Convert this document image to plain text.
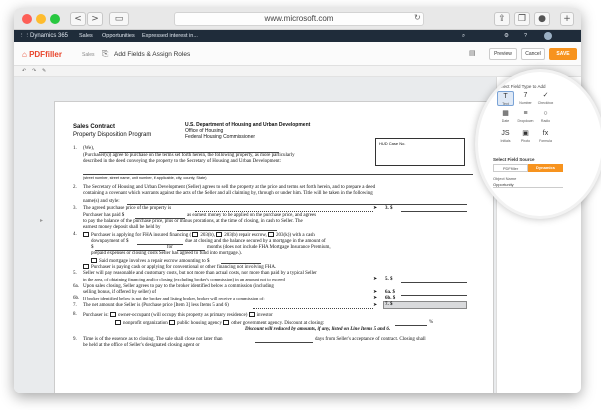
<	>	▭	www.microsoft.com	↻	⇪	❐	●	+
⋮⋮ Dynamics 365 Sales Opportunities Expressed interest in...	⌕	⚙	?
⌂ PDFfiller	Sales ⎘ Add Fields & Assign Roles	▤	Preview	Cancel	SAVE
↶ ↷ ✎
▸
Sales Contract
Property Disposition Program
U.S. Department of Housing and Urban Development
Office of Housing
Federal Housing Commissioner
HUD Case No.
1. (We),
(Purchaser(s)) agree to purchase on the terms set forth herein, the following property, as more particularly
described in the deed conveying the property to the Secretary of Housing and Urban Development:
(street number, street name, unit number, if applicable, city, county, State)
2. The Secretary of Housing and Urban Development (Seller) agrees to sell the property at the price and terms set forth herein, and to prepare a deed
containing a covenant which warrants against the acts of the Seller and all claiming by, through or under him. Title will be taken in the following
name(s) and style:
3. The agreed purchase price of the property is	➤ 3. $
Purchaser has paid $	as earnest money to be applied on the purchase price, and agrees
to pay the balance of the purchase price, plus or minus prorations, at the time of closing, in cash to Seller. The
earnest money deposit shall be held by
4.	Purchaser is applying for FHA insured financing ( 203(b), 203(b) repair escrow, 203(k)) with a cash
downpayment of $	due at closing and the balance secured by a mortgage in the amount of
$	for	months (does not include FHA Mortgage Insurance Premium,
prepaid expenses or closing costs Seller has agreed to fund into mortgage.).
Said mortgage involves a repair escrow amounting to $
Purchaser is paying cash or applying for conventional or other financing not involving FHA.
5. Seller will pay reasonable and customary costs, but not more than actual costs, nor more than paid by a typical Seller
in the area, of obtaining financing and/or closing (excluding broker's commission) in an amount not to exceed	➤ 5. $
6a. Upon sales closing, Seller agrees to pay to the broker identified below a commission (including
selling bonus, if offered by seller) of	➤ 6a. $
6b. If broker identified below is not the broker and listing broker, broker will receive a commission of:	➤ 6b. $
7. The net amount due Seller is (Purchase price [Item 3] less Items 5 and 6)	➤ 7. $
8. Purchaser is: owner-occupant (will occupy this property as primary residence) investor
nonprofit organization public housing agency other government agency. Discount at closing:	%
Discount will reduced by amounts, if any, listed on Line Items 5 and 6.
9. Time is of the essence as to closing. The sale shall close not later than	days from Seller's acceptance of contract. Closing shall
be held at the office of Seller's designated closing agent or
Select Field Type to Add
T
Text
7
Number
✓
Checkbox
▦
Date
≡
Dropdown
○
Radio
JS
Initials
▣
Photo
fx
Formula
Select Field Source
PDFfiller	Dynamics
Object Name
Opportunity
